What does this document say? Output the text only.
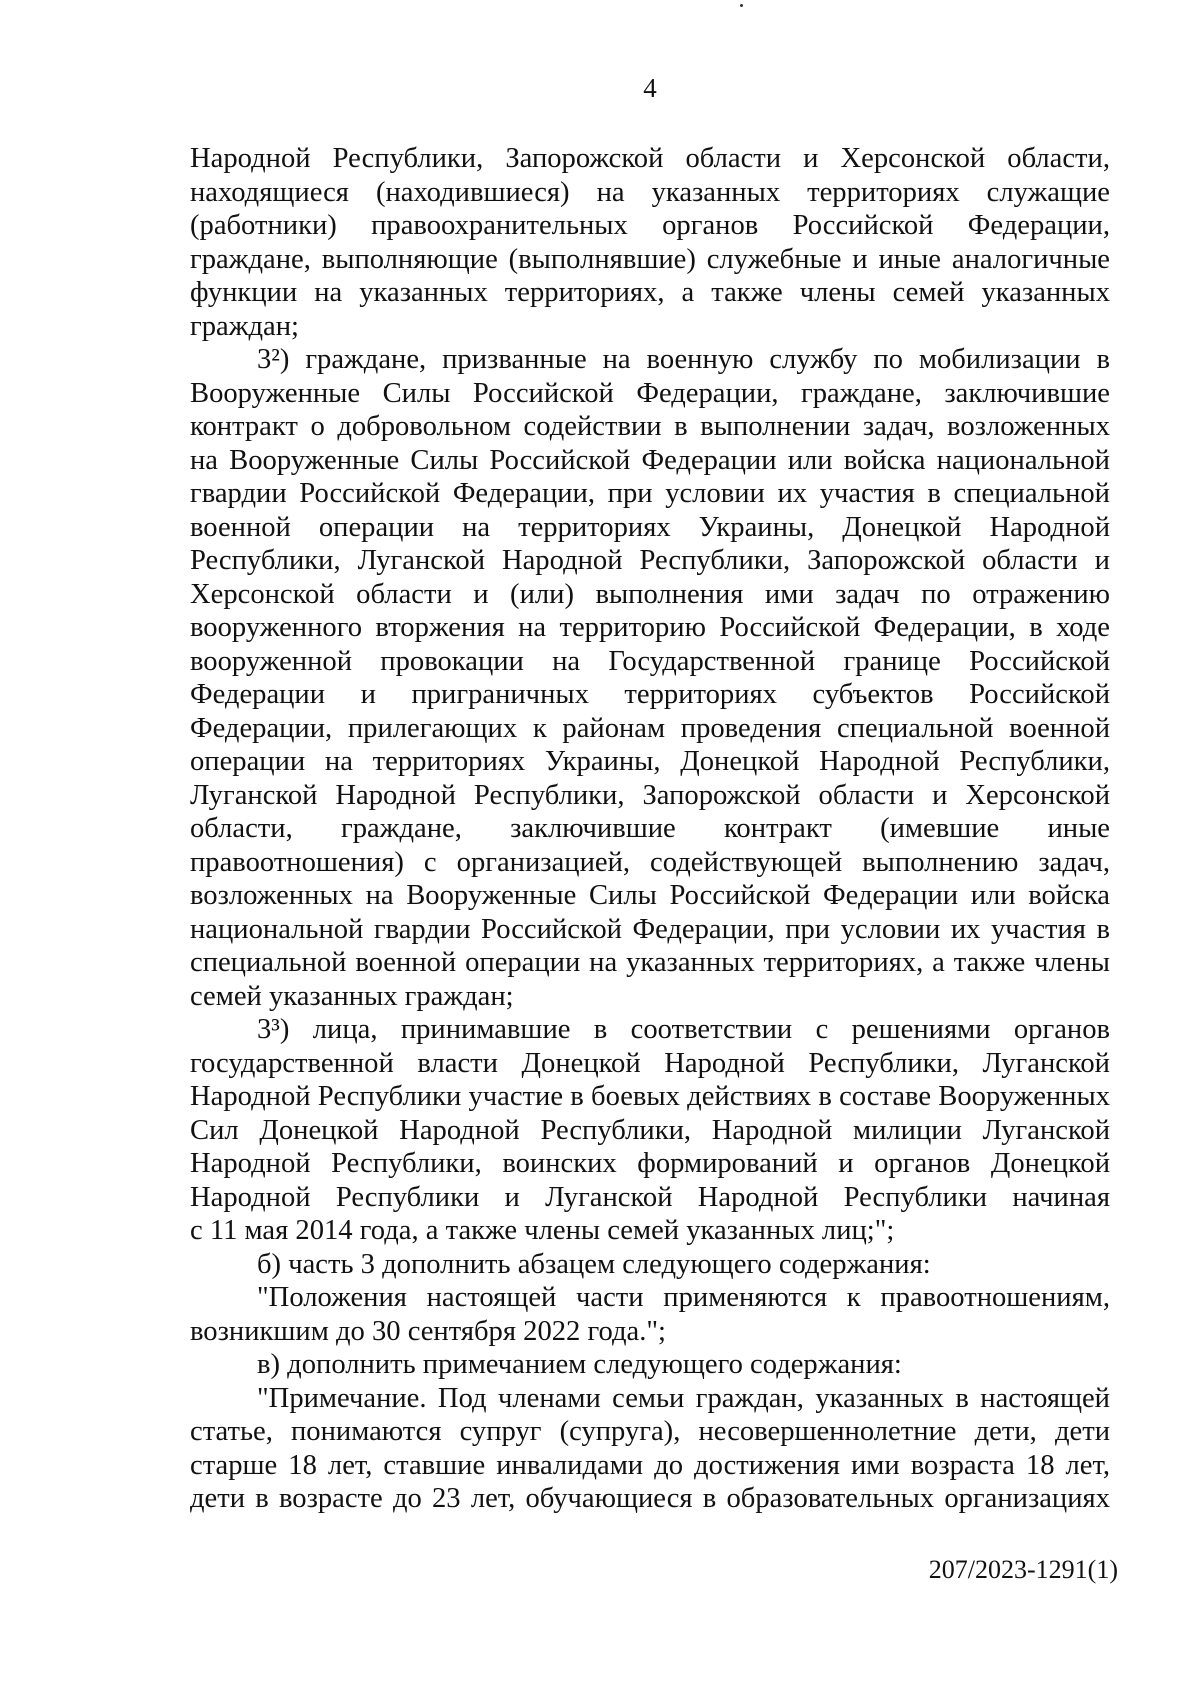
4
Народной Республики, Запорожской области и Херсонской области,
находящиеся (находившиеся) на указанных территориях служащие
(работники) правоохранительных органов Российской Федерации,
граждане, выполняющие (выполнявшие) служебные и иные аналогичные
функции на указанных территориях, а также члены семей указанных
граждан;
3²) граждане, призванные на военную службу по мобилизации в
Вооруженные Силы Российской Федерации, граждане, заключившие
контракт о добровольном содействии в выполнении задач, возложенных
на Вооруженные Силы Российской Федерации или войска национальной
гвардии Российской Федерации, при условии их участия в специальной
военной операции на территориях Украины, Донецкой Народной
Республики, Луганской Народной Республики, Запорожской области и
Херсонской области и (или) выполнения ими задач по отражению
вооруженного вторжения на территорию Российской Федерации, в ходе
вооруженной провокации на Государственной границе Российской
Федерации и приграничных территориях субъектов Российской
Федерации, прилегающих к районам проведения специальной военной
операции на территориях Украины, Донецкой Народной Республики,
Луганской Народной Республики, Запорожской области и Херсонской
области, граждане, заключившие контракт (имевшие иные
правоотношения) с организацией, содействующей выполнению задач,
возложенных на Вооруженные Силы Российской Федерации или войска
национальной гвардии Российской Федерации, при условии их участия в
специальной военной операции на указанных территориях, а также члены
семей указанных граждан;
3³) лица, принимавшие в соответствии с решениями органов
государственной власти Донецкой Народной Республики, Луганской
Народной Республики участие в боевых действиях в составе Вооруженных
Сил Донецкой Народной Республики, Народной милиции Луганской
Народной Республики, воинских формирований и органов Донецкой
Народной Республики и Луганской Народной Республики начиная
с 11 мая 2014 года, а также члены семей указанных лиц;";
б) часть 3 дополнить абзацем следующего содержания:
"Положения настоящей части применяются к правоотношениям,
возникшим до 30 сентября 2022 года.";
в) дополнить примечанием следующего содержания:
"Примечание. Под членами семьи граждан, указанных в настоящей
статье, понимаются супруг (супруга), несовершеннолетние дети, дети
старше 18 лет, ставшие инвалидами до достижения ими возраста 18 лет,
дети в возрасте до 23 лет, обучающиеся в образовательных организациях
207/2023-1291(1)
